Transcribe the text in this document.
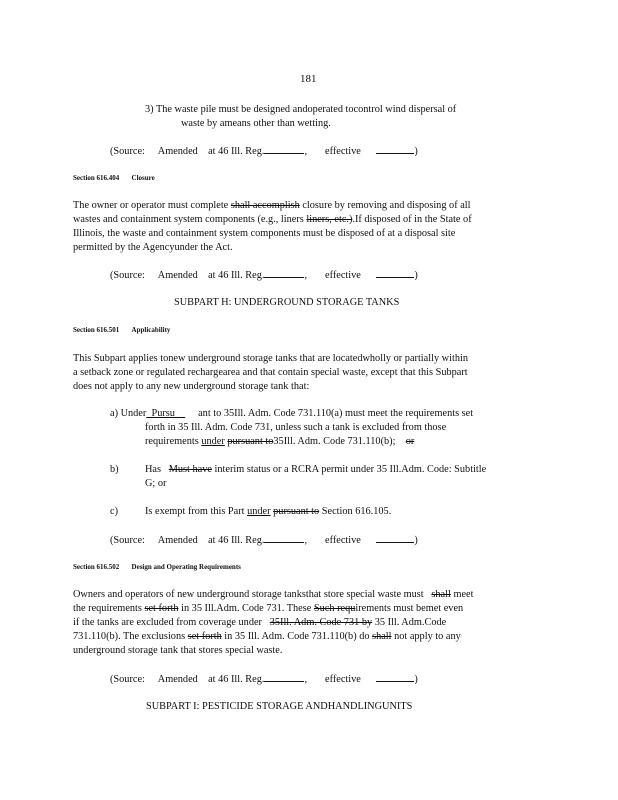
181
3) The waste pile must be designed andoperated tocontrol wind dispersal of
waste by ameans other than wetting.
(Source: Amended at 46 Ill. Reg.	, effective	)
Section 616.404 Closure
The owner or operator must complete shall accomplish closure by removing and disposing of all
wastes and containment system components (e.g., liners liners, etc.).If disposed of in the State of
Illinois, the waste and containment system components must be disposed of at a disposal site
permitted by the Agencyunder the Act.
(Source: Amended at 46 Ill. Reg.	, effective	)
SUBPART H: UNDERGROUND STORAGE TANKS
Section 616.501 Applicability
This Subpart applies tonew underground storage tanks that are locatedwholly or partially within
a setback zone or regulated rechargearea and that contain special waste, except that this Subpart
does not apply to any new underground storage tank that:
a) Under Pursu ant to 35Ill. Adm. Code 731.110(a) must meet the requirements set
forth in 35 Ill. Adm. Code 731, unless such a tank is excluded from those
requirements under pursuant to35Ill. Adm. Code 731.110(b); or
b)	Has Must have interim status or a RCRA permit under 35 Ill.Adm. Code: Subtitle
G; or
c)	Is exempt from this Part under pursuant to Section 616.105.
(Source: Amended at 46 Ill. Reg.	, effective	)
Section 616.502 Design and Operating Requirements
Owners and operators of new underground storage tanksthat store special waste must shall meet
the requirements set forth in 35 Ill.Adm. Code 731. These Such requirements must bemet even
if the tanks are excluded from coverage under 35Ill. Adm. Code 731 by 35 Ill. Adm.Code
731.110(b). The exclusions set forth in 35 Ill. Adm. Code 731.110(b) do shall not apply to any
underground storage tank that stores special waste.
(Source: Amended at 46 Ill. Reg.	, effective	)
SUBPART I: PESTICIDE STORAGE ANDHANDLINGUNITS
